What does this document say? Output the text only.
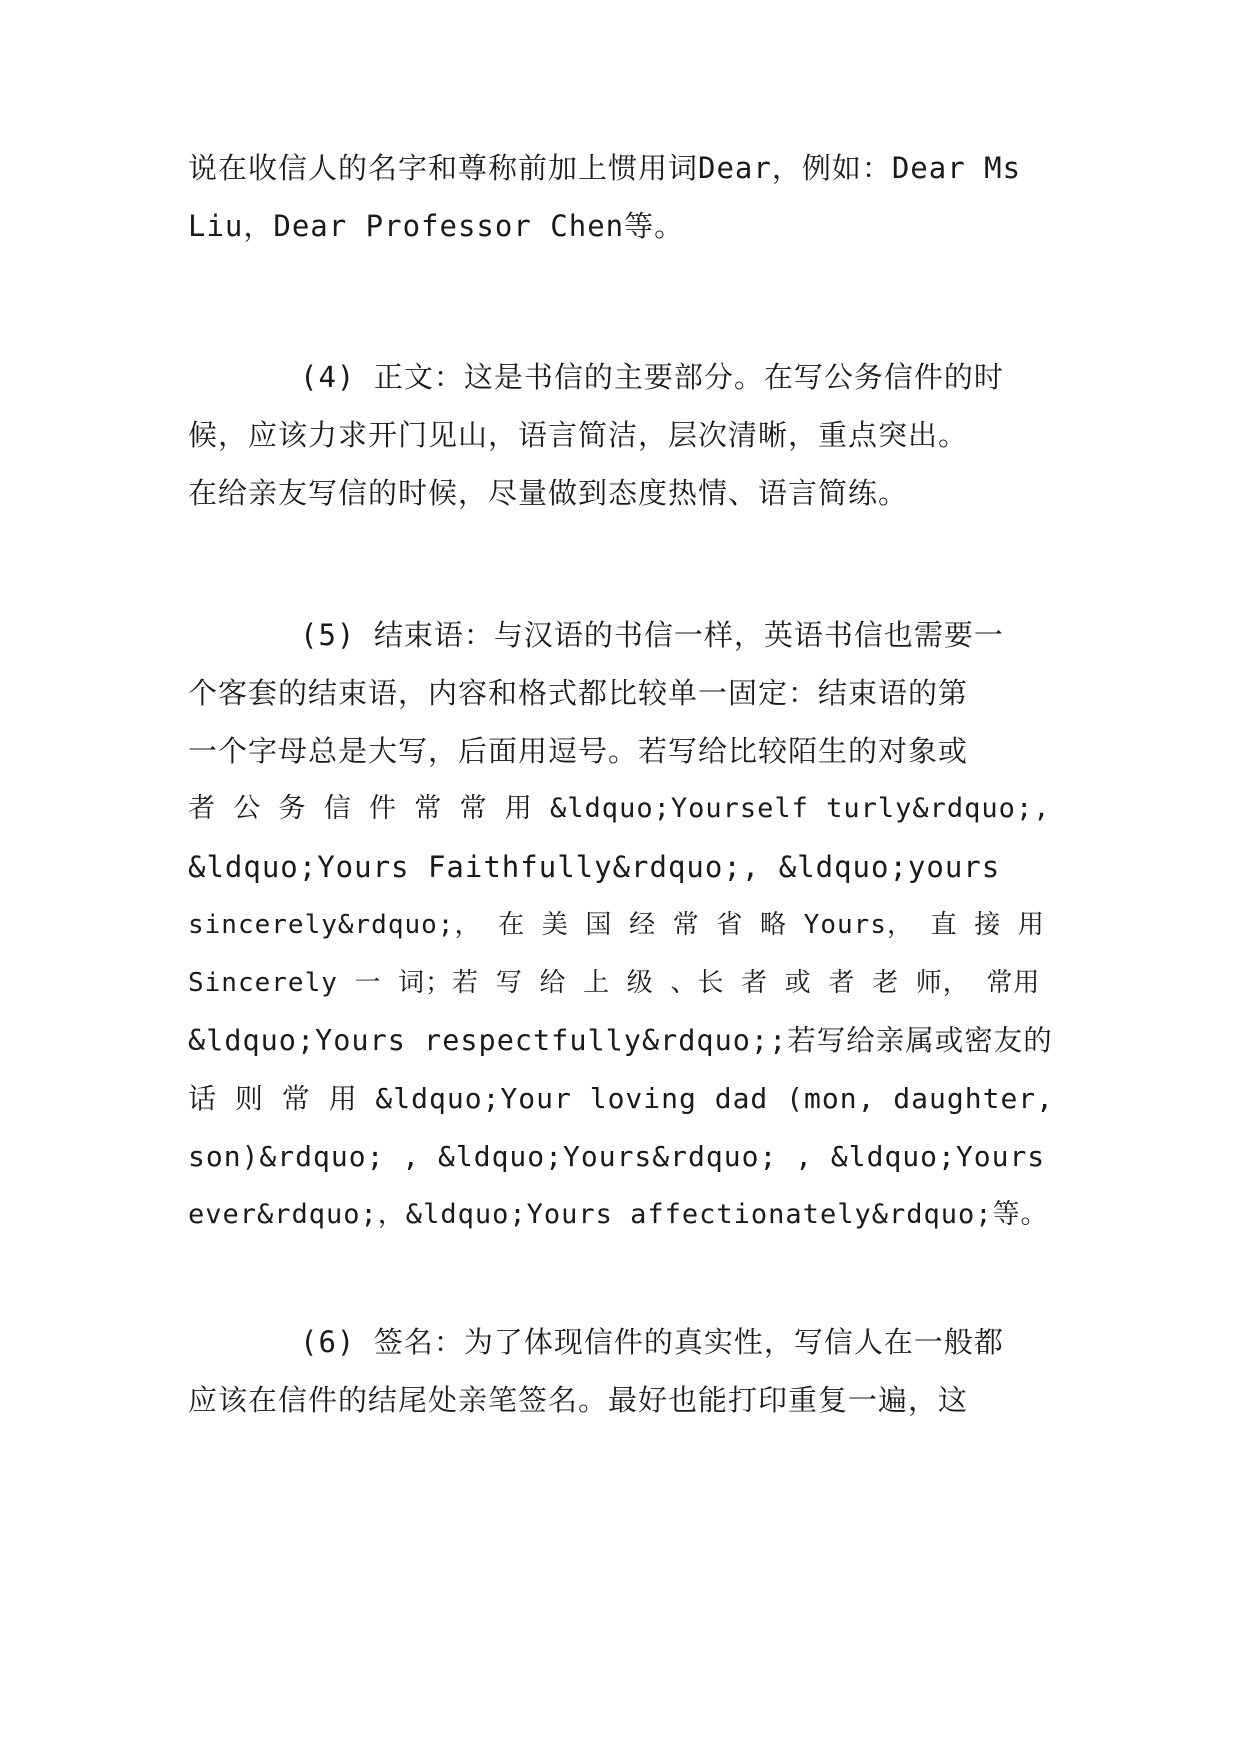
说在收信人的名字和尊称前加上惯用词Dear，例如：Dear Ms
Liu，Dear Professor Chen等。
(4) 正文：这是书信的主要部分。在写公务信件的时
候，应该力求开门见山，语言简洁，层次清晰，重点突出。
在给亲友写信的时候，尽量做到态度热情、语言简练。
(5) 结束语：与汉语的书信一样，英语书信也需要一
个客套的结束语，内容和格式都比较单一固定：结束语的第
一个字母总是大写，后面用逗号。若写给比较陌生的对象或
者 公 务 信 件 常 常 用 &ldquo;Yourself turly&rdquo;,
&ldquo;Yours Faithfully&rdquo;, &ldquo;yours
sincerely&rdquo;， 在 美 国 经 常 省 略 Yours， 直 接 用
Sincerely 一 词；若 写 给 上 级 、长 者 或 者 老 师， 常用
&ldquo;Yours respectfully&rdquo;;若写给亲属或密友的
话 则 常 用 &ldquo;Your loving dad (mon, daughter,
son)&rdquo; , &ldquo;Yours&rdquo; , &ldquo;Yours
ever&rdquo;，&ldquo;Yours affectionately&rdquo;等。
(6) 签名：为了体现信件的真实性，写信人在一般都
应该在信件的结尾处亲笔签名。最好也能打印重复一遍，这
